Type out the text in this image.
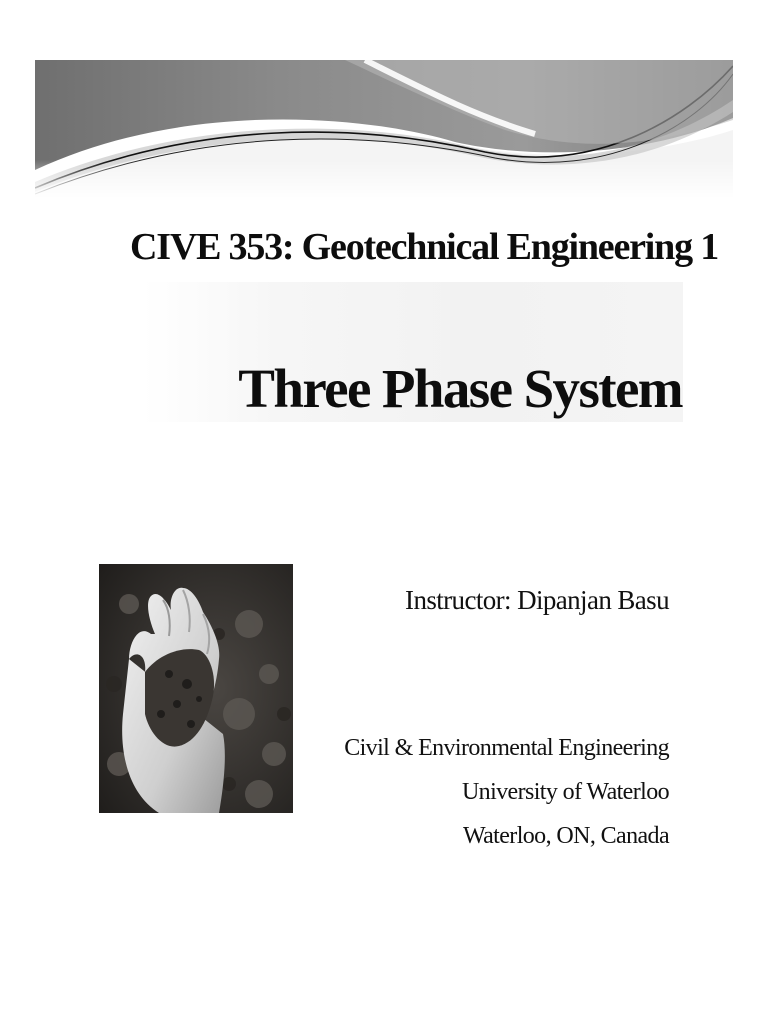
CIVE 353: Geotechnical Engineering 1
Three Phase System
Instructor: Dipanjan Basu
Civil & Environmental Engineering
University of Waterloo
Waterloo, ON, Canada
